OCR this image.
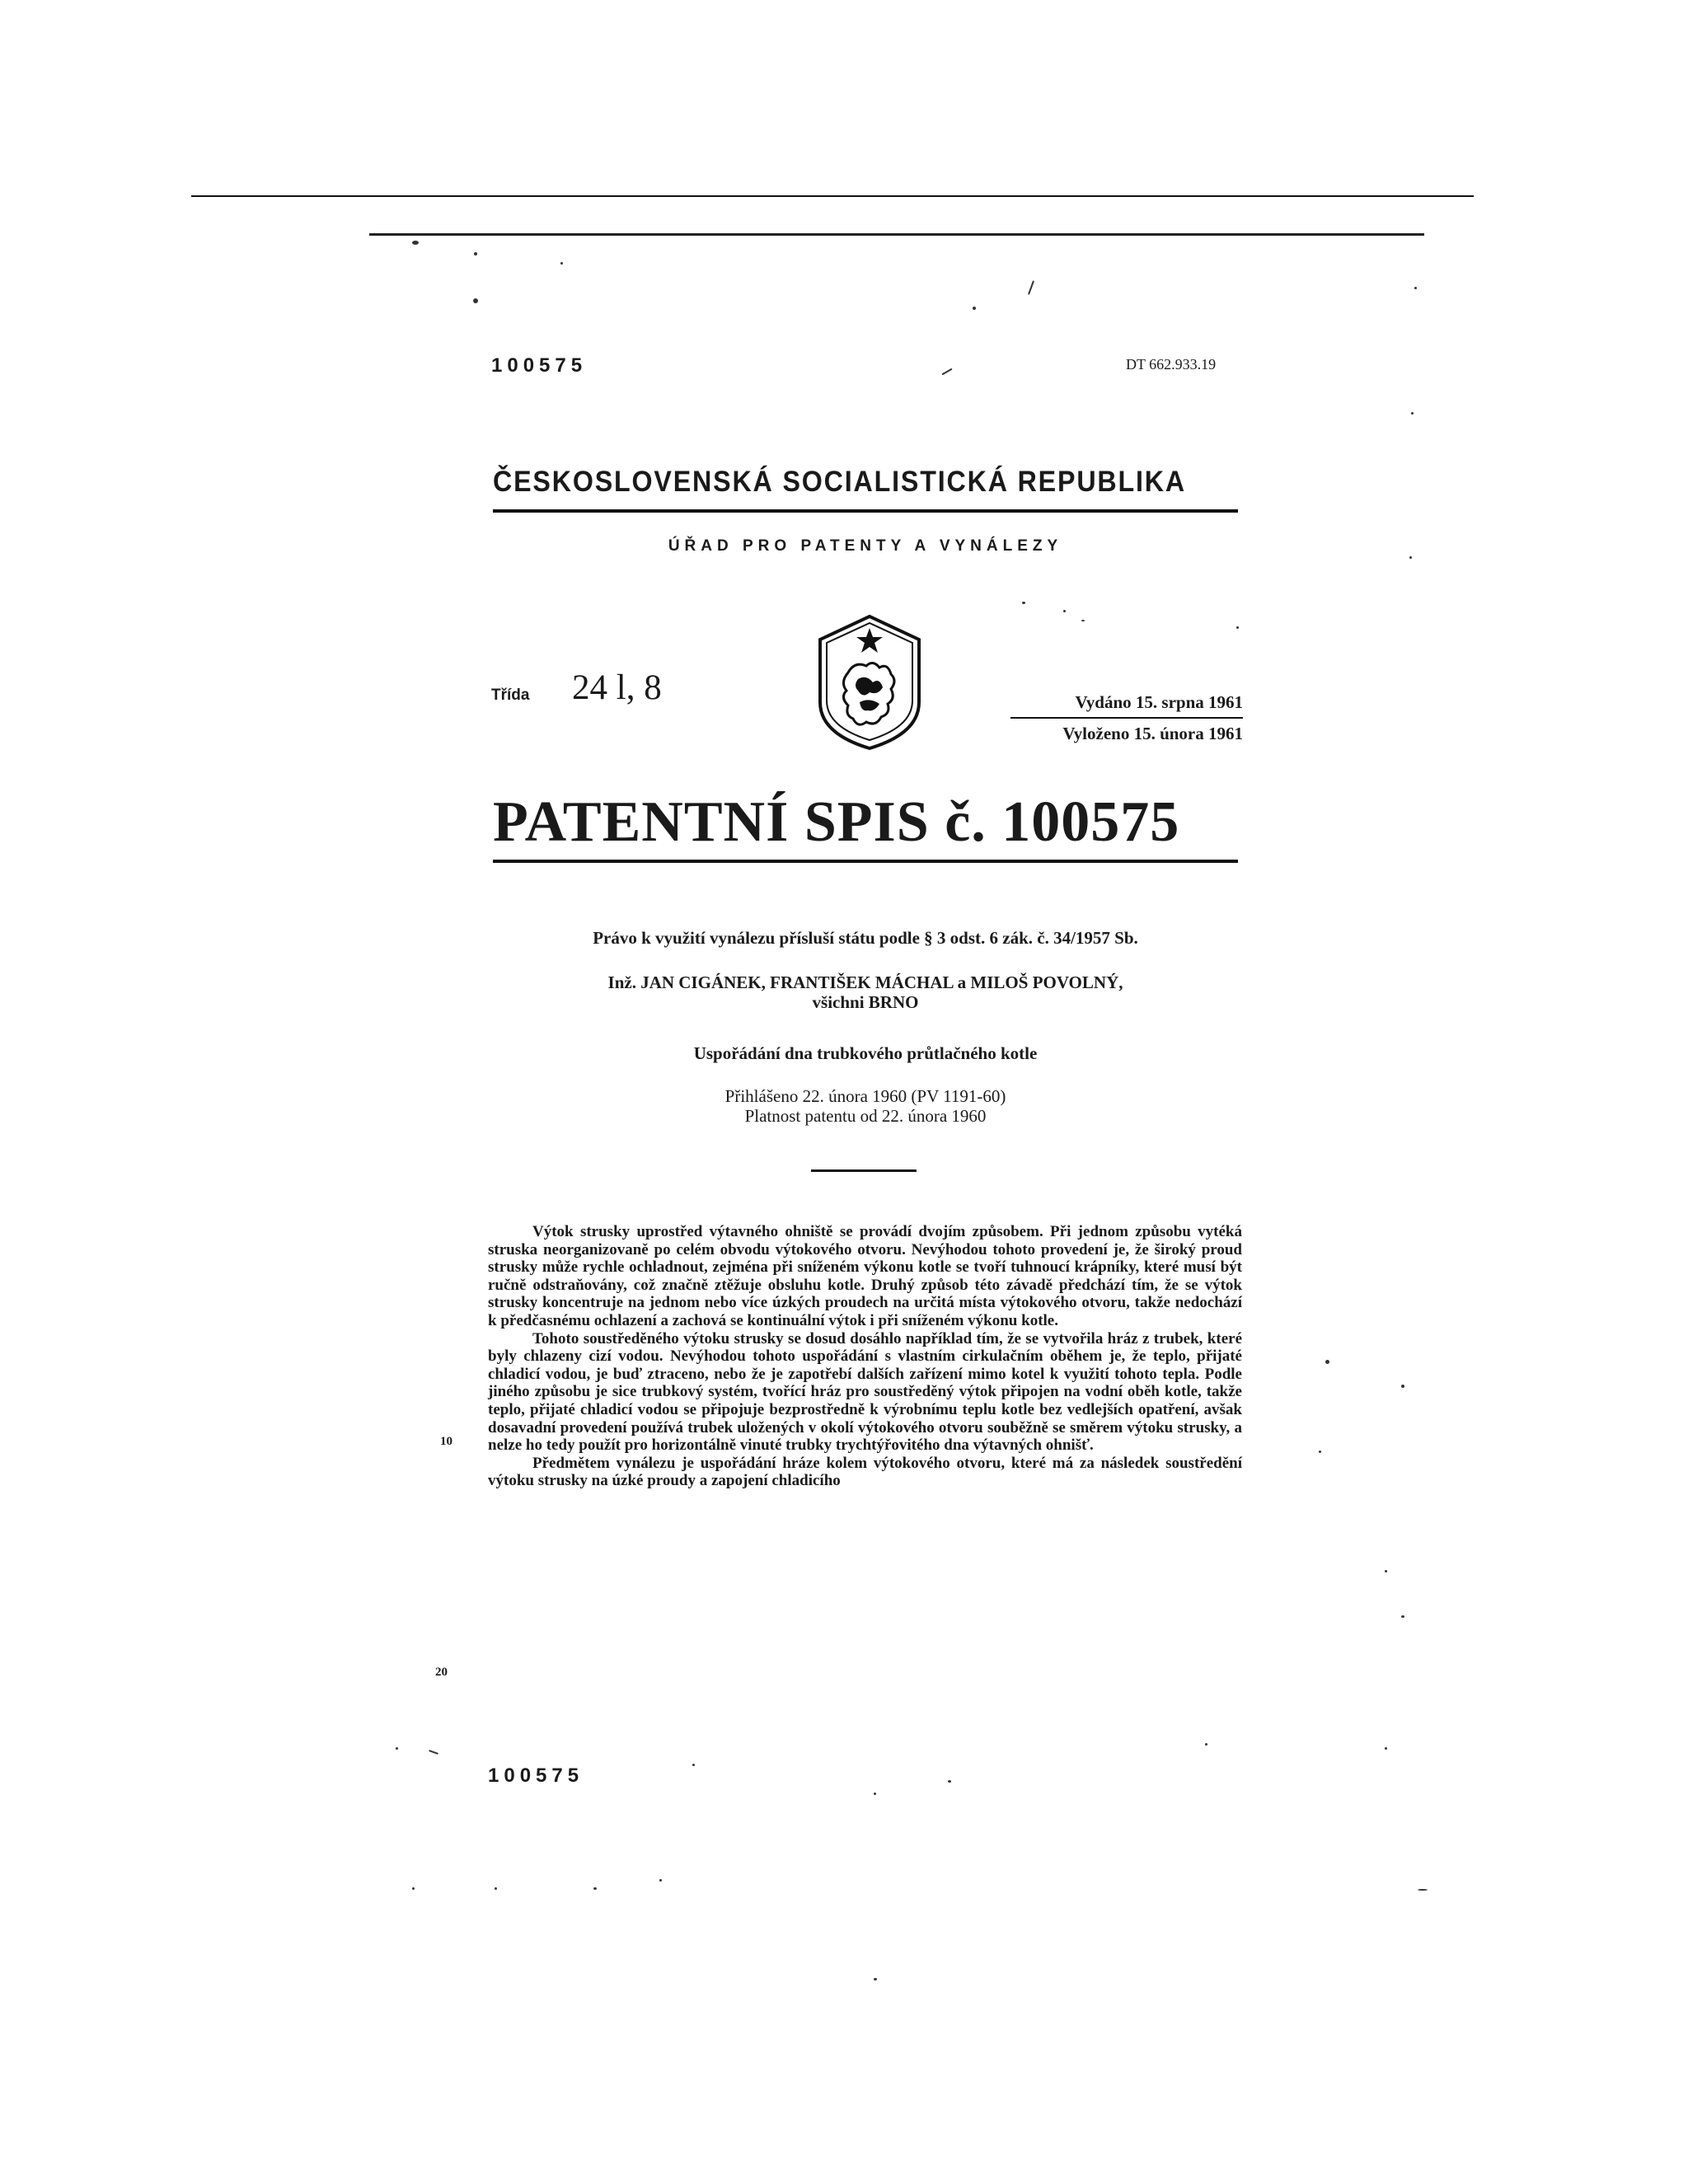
100575	DT 662.933.19
ČESKOSLOVENSKÁ SOCIALISTICKÁ REPUBLIKA
ÚŘAD PRO PATENTY A VYNÁLEZY
Třída 24 l, 8	Vydáno 15. srpna 1961
Vyloženo 15. února 1961
PATENTNÍ SPIS č. 100575
Právo k využití vynálezu přísluší státu podle § 3 odst. 6 zák. č. 34/1957 Sb.
Inž. JAN CIGÁNEK, FRANTIŠEK MÁCHAL a MILOŠ POVOLNÝ,
všichni BRNO
Uspořádání dna trubkového průtlačného kotle
Přihlášeno 22. února 1960 (PV 1191-60)
Platnost patentu od 22. února 1960
10
20

Výtok strusky uprostřed výtavného ohniště se provádí dvojím způsobem. Při jednom způsobu vytéká struska neorganizovaně po celém obvodu výtokového otvoru. Nevýhodou tohoto provedení je, že široký proud strusky může rychle ochladnout, zejména při sníženém výkonu kotle se tvoří tuhnoucí krápníky, které musí být ručně odstraňovány, což značně ztěžuje obsluhu kotle. Druhý způsob této závadě předchází tím, že se výtok strusky koncentruje na jednom nebo více úzkých proudech na určitá místa výtokového otvoru, takže nedochází k předčasnému ochlazení a zachová se kontinuální výtok i při sníženém výkonu kotle.

Tohoto soustředěného výtoku strusky se dosud dosáhlo například tím, že se vytvořila hráz z trubek, které byly chlazeny cizí vodou. Nevýhodou tohoto uspořádání s vlastním cirkulačním oběhem je, že teplo, přijaté chladicí vodou, je buď ztraceno, nebo že je zapotřebí dalších zařízení mimo kotel k využití tohoto tepla. Podle jiného způsobu je sice trubkový systém, tvořící hráz pro soustředěný výtok připojen na vodní oběh kotle, takže teplo, přijaté chladicí vodou se připojuje bezprostředně k výrobnímu teplu kotle bez vedlejších opatření, avšak dosavadní provedení používá trubek uložených v okolí výtokového otvoru souběžně se směrem výtoku strusky, a nelze ho tedy použít pro horizontálně vinuté trubky trychtýřovitého dna výtavných ohnišť.

Předmětem vynálezu je uspořádání hráze kolem výtokového otvoru, které má za následek soustředění výtoku strusky na úzké proudy a zapojení chladicího

100575
